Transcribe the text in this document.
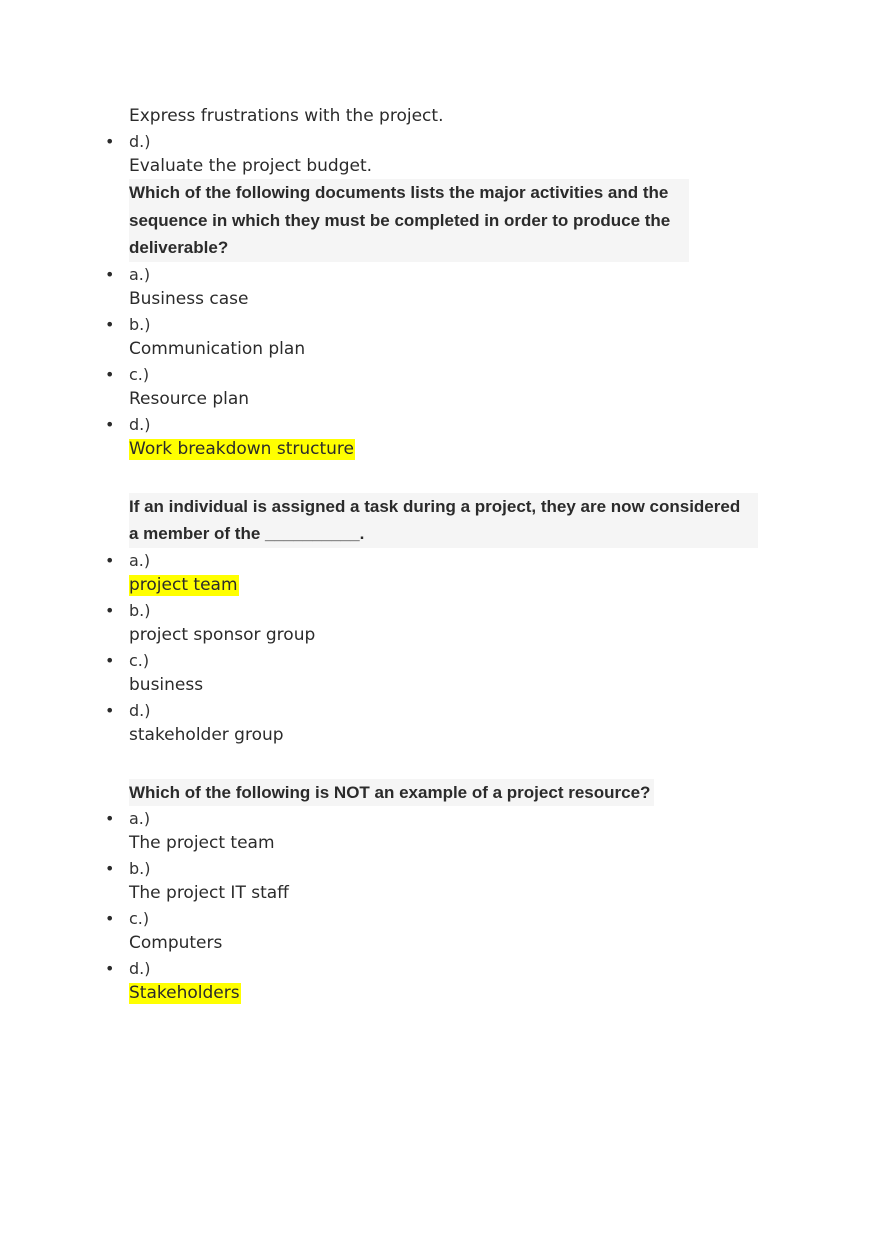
Express frustrations with the project.
• d.)
Evaluate the project budget.
Which of the following documents lists the major activities and the sequence in which they must be completed in order to produce the deliverable?
• a.)
Business case
• b.)
Communication plan
• c.)
Resource plan
• d.)
Work breakdown structure
If an individual is assigned a task during a project, they are now considered a member of the __________.
• a.)
project team
• b.)
project sponsor group
• c.)
business
• d.)
stakeholder group
Which of the following is NOT an example of a project resource?
• a.)
The project team
• b.)
The project IT staff
• c.)
Computers
• d.)
Stakeholders
